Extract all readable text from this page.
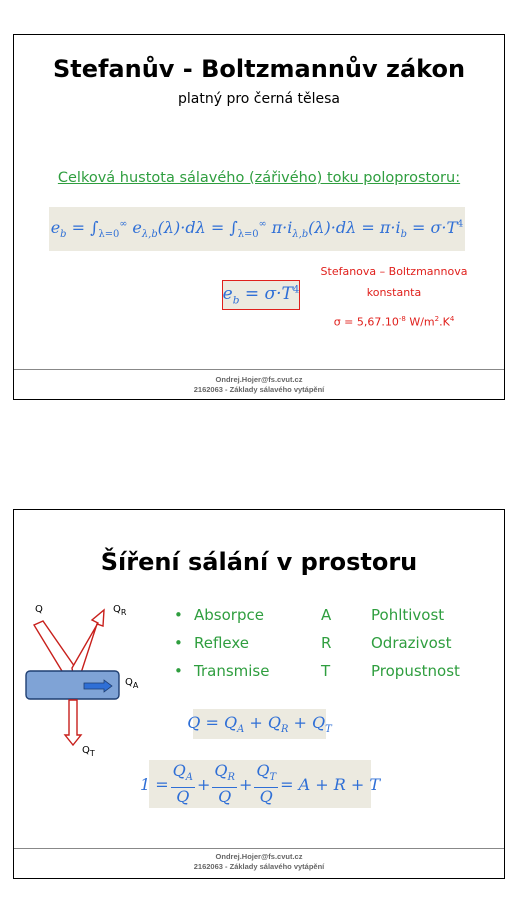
Stefanův - Boltzmannův zákon
platný pro černá tělesa
Celková hustota sálavého (zářivého) toku poloprostoru:
$e_b = \int_{\lambda=0}^\infty$ $e_{\lambda,b}(\lambda)\cdot d\lambda = \int_{\lambda=0}^\infty$ $\pi\cdot i_{\lambda,b}(\lambda)\cdot d\lambda = \pi\cdot i_b = \sigma\cdot T^4$
$e_b = \sigma\cdot T^4$
Stefanova – Boltzmannova
konstanta
$\sigma = 5,67.10^{-8}$ $W/m^2.K^4$
Ondrej.Hojer@fs.cvut.cz
2162063 - Základy sálavého vytápění
Šíření sálání v prostoru
Q	$Q_R$
$Q_A$
$Q_T$
• Absorpce	A	Pohltivost
• Reflexe	R	Odrazivost
• Transmise	T	Propustnost
$Q = Q_A + Q_R + Q_T$
$1 = \frac{Q_A}{Q} + \frac{Q_R}{Q} + \frac{Q_T}{Q} = A + R + T$
Ondrej.Hojer@fs.cvut.cz
2162063 - Základy sálavého vytápění
